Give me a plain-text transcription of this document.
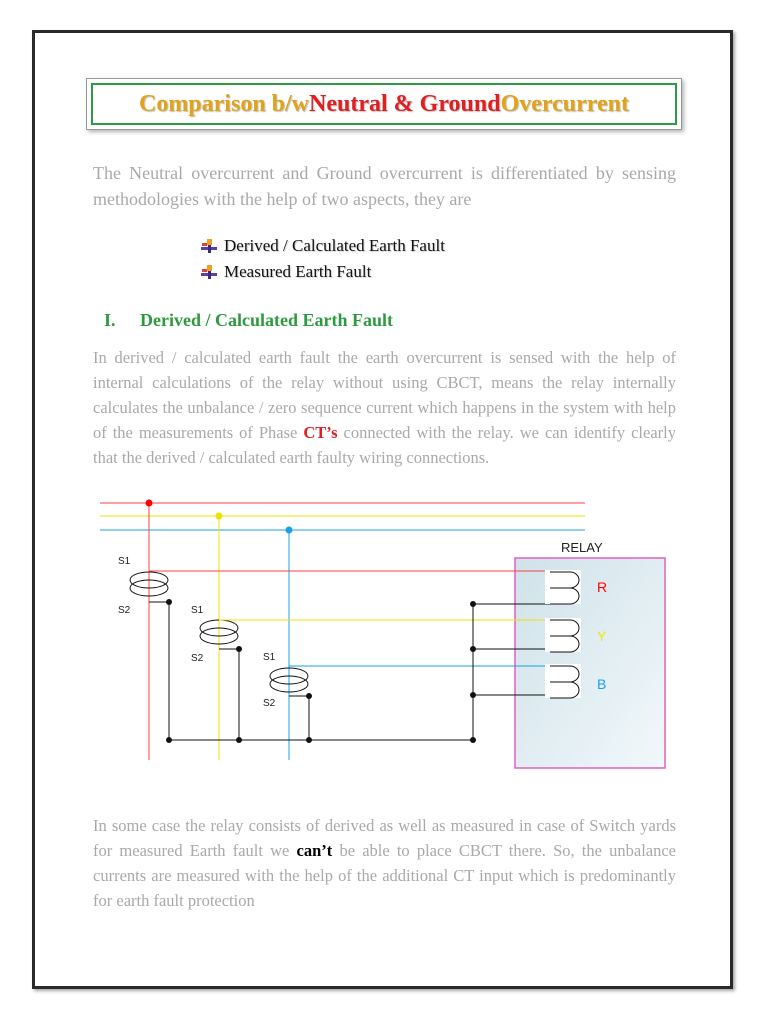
Comparison b/w Neutral & Ground Overcurrent
The Neutral overcurrent and Ground overcurrent is differentiated by sensing methodologies with the help of two aspects, they are
Derived / Calculated Earth Fault
Measured Earth Fault
I. Derived / Calculated Earth Fault
In derived / calculated earth fault the earth overcurrent is sensed with the help of internal calculations of the relay without using CBCT, means the relay internally calculates the unbalance / zero sequence current which happens in the system with help of the measurements of Phase CT’s connected with the relay. we can identify clearly that the derived / calculated earth faulty wiring connections.
RELAY
S1
S2	S1
S2	S1
S2
R
Y
B
In some case the relay consists of derived as well as measured in case of Switch yards for measured Earth fault we can’t be able to place CBCT there. So, the unbalance currents are measured with the help of the additional CT input which is predominantly for earth fault protection
